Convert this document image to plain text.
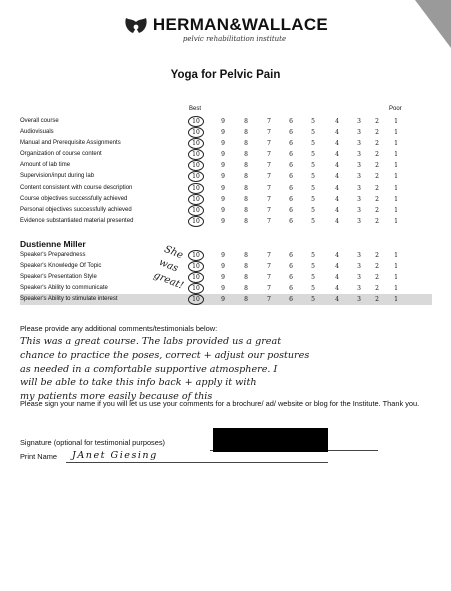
HERMAN&WALLACE
pelvic rehabilitation institute
Yoga for Pelvic Pain
Best	Poor
Overall course	10	9	8	7	6	5	4	3	2	1
Audiovisuals	10	9	8	7	6	5	4	3	2	1
Manual and Prerequisite Assignments	10	9	8	7	6	5	4	3	2	1
Organization of course content	10	9	8	7	6	5	4	3	2	1
Amount of lab time	10	9	8	7	6	5	4	3	2	1
Supervision/input during lab	10	9	8	7	6	5	4	3	2	1
Content consistent with course description	10	9	8	7	6	5	4	3	2	1
Course objectives successfully achieved	10	9	8	7	6	5	4	3	2	1
Personal objectives successfully achieved	10	9	8	7	6	5	4	3	2	1
Evidence substantiated material presented	10	9	8	7	6	5	4	3	2	1
Dustienne Miller
Speaker's Preparedness	10	9	8	7	6	5	4	3	2	1
Speaker's Knowledge Of Topic	10	9	8	7	6	5	4	3	2	1
Speaker's Presentation Style	10	9	8	7	6	5	4	3	2	1
Speaker's Ability to communicate	10	9	8	7	6	5	4	3	2	1
Speaker's Ability to stimulate interest	10	9	8	7	6	5	4	3	2	1
She
was
great!
Please provide any additional comments/testimonials below:
This was a great course. The labs provided us a great
chance to practice the poses, correct + adjust our postures
as needed in a comfortable supportive atmosphere. I
will be able to take this info back + apply it with
my patients more easily because of this
Please sign your name if you will let us use your comments for a brochure/ ad/ website or blog for the Institute. Thank you.
Signature (optional for testimonial purposes)
Print Name JAnet Giesing
